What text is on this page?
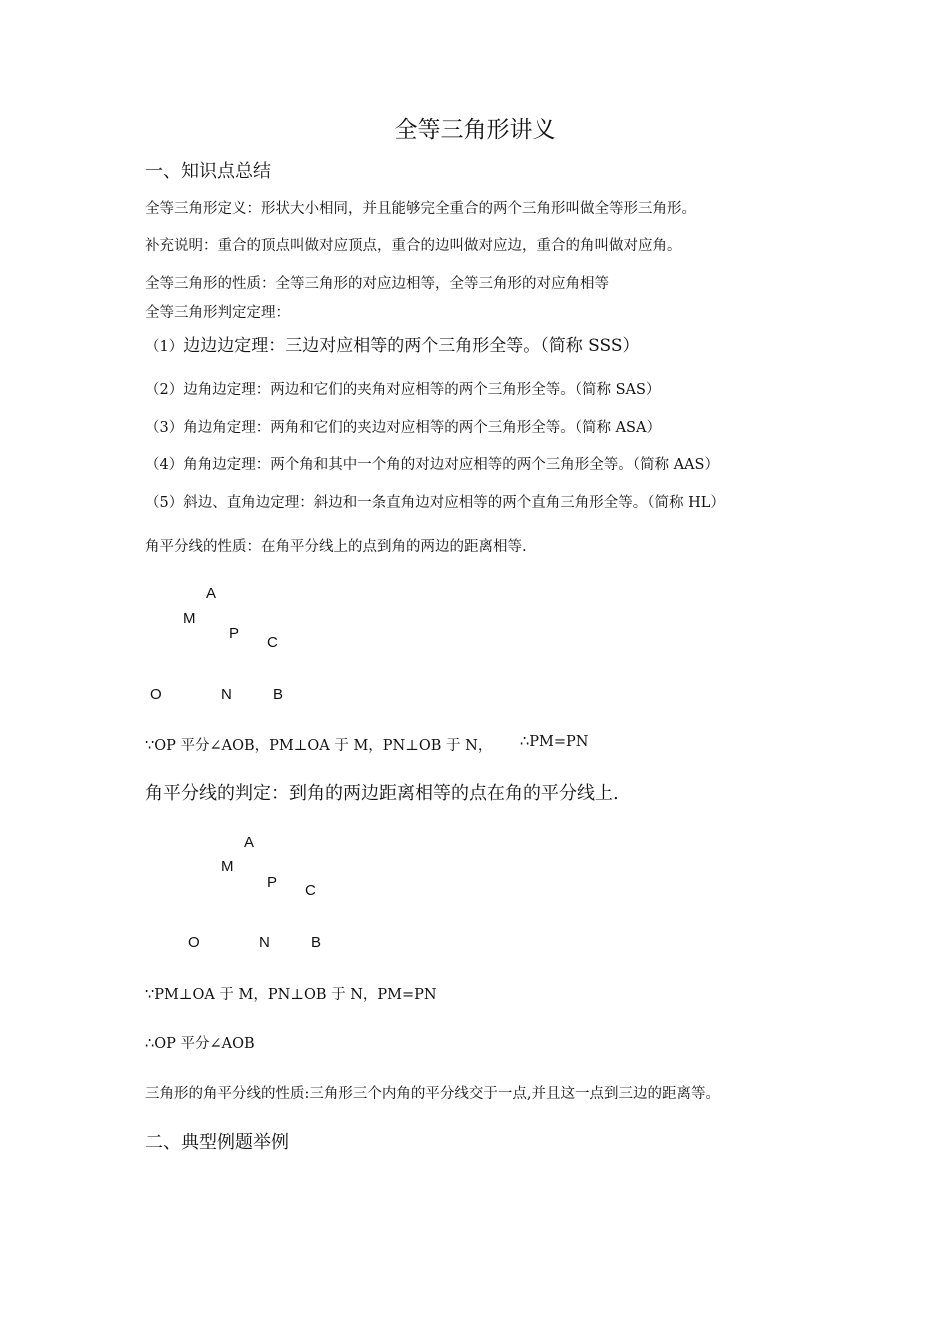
全等三角形讲义
一、知识点总结
全等三角形定义：形状大小相同，并且能够完全重合的两个三角形叫做全等形三角形。
补充说明：重合的顶点叫做对应顶点，重合的边叫做对应边，重合的角叫做对应角。
全等三角形的性质：全等三角形的对应边相等，全等三角形的对应角相等
全等三角形判定定理：
（1）边边边定理：三边对应相等的两个三角形全等。（简称 SSS）
（2）边角边定理：两边和它们的夹角对应相等的两个三角形全等。（简称 SAS）
（3）角边角定理：两角和它们的夹边对应相等的两个三角形全等。（简称 ASA）
（4）角角边定理：两个角和其中一个角的对边对应相等的两个三角形全等。（简称 AAS）
（5）斜边、直角边定理：斜边和一条直角边对应相等的两个直角三角形全等。（简称 HL）
角平分线的性质：在角平分线上的点到角的两边的距离相等.
A
M
P
C
O	N	B
∵OP 平分∠AOB，PM⊥OA 于 M，PN⊥OB 于 N， ∴PM=PN
角平分线的判定：到角的两边距离相等的点在角的平分线上.
A
M
P C
O	N	B
∵PM⊥OA 于 M，PN⊥OB 于 N，PM=PN
∴OP 平分∠AOB
三角形的角平分线的性质:三角形三个内角的平分线交于一点,并且这一点到三边的距离等。
二、典型例题举例
